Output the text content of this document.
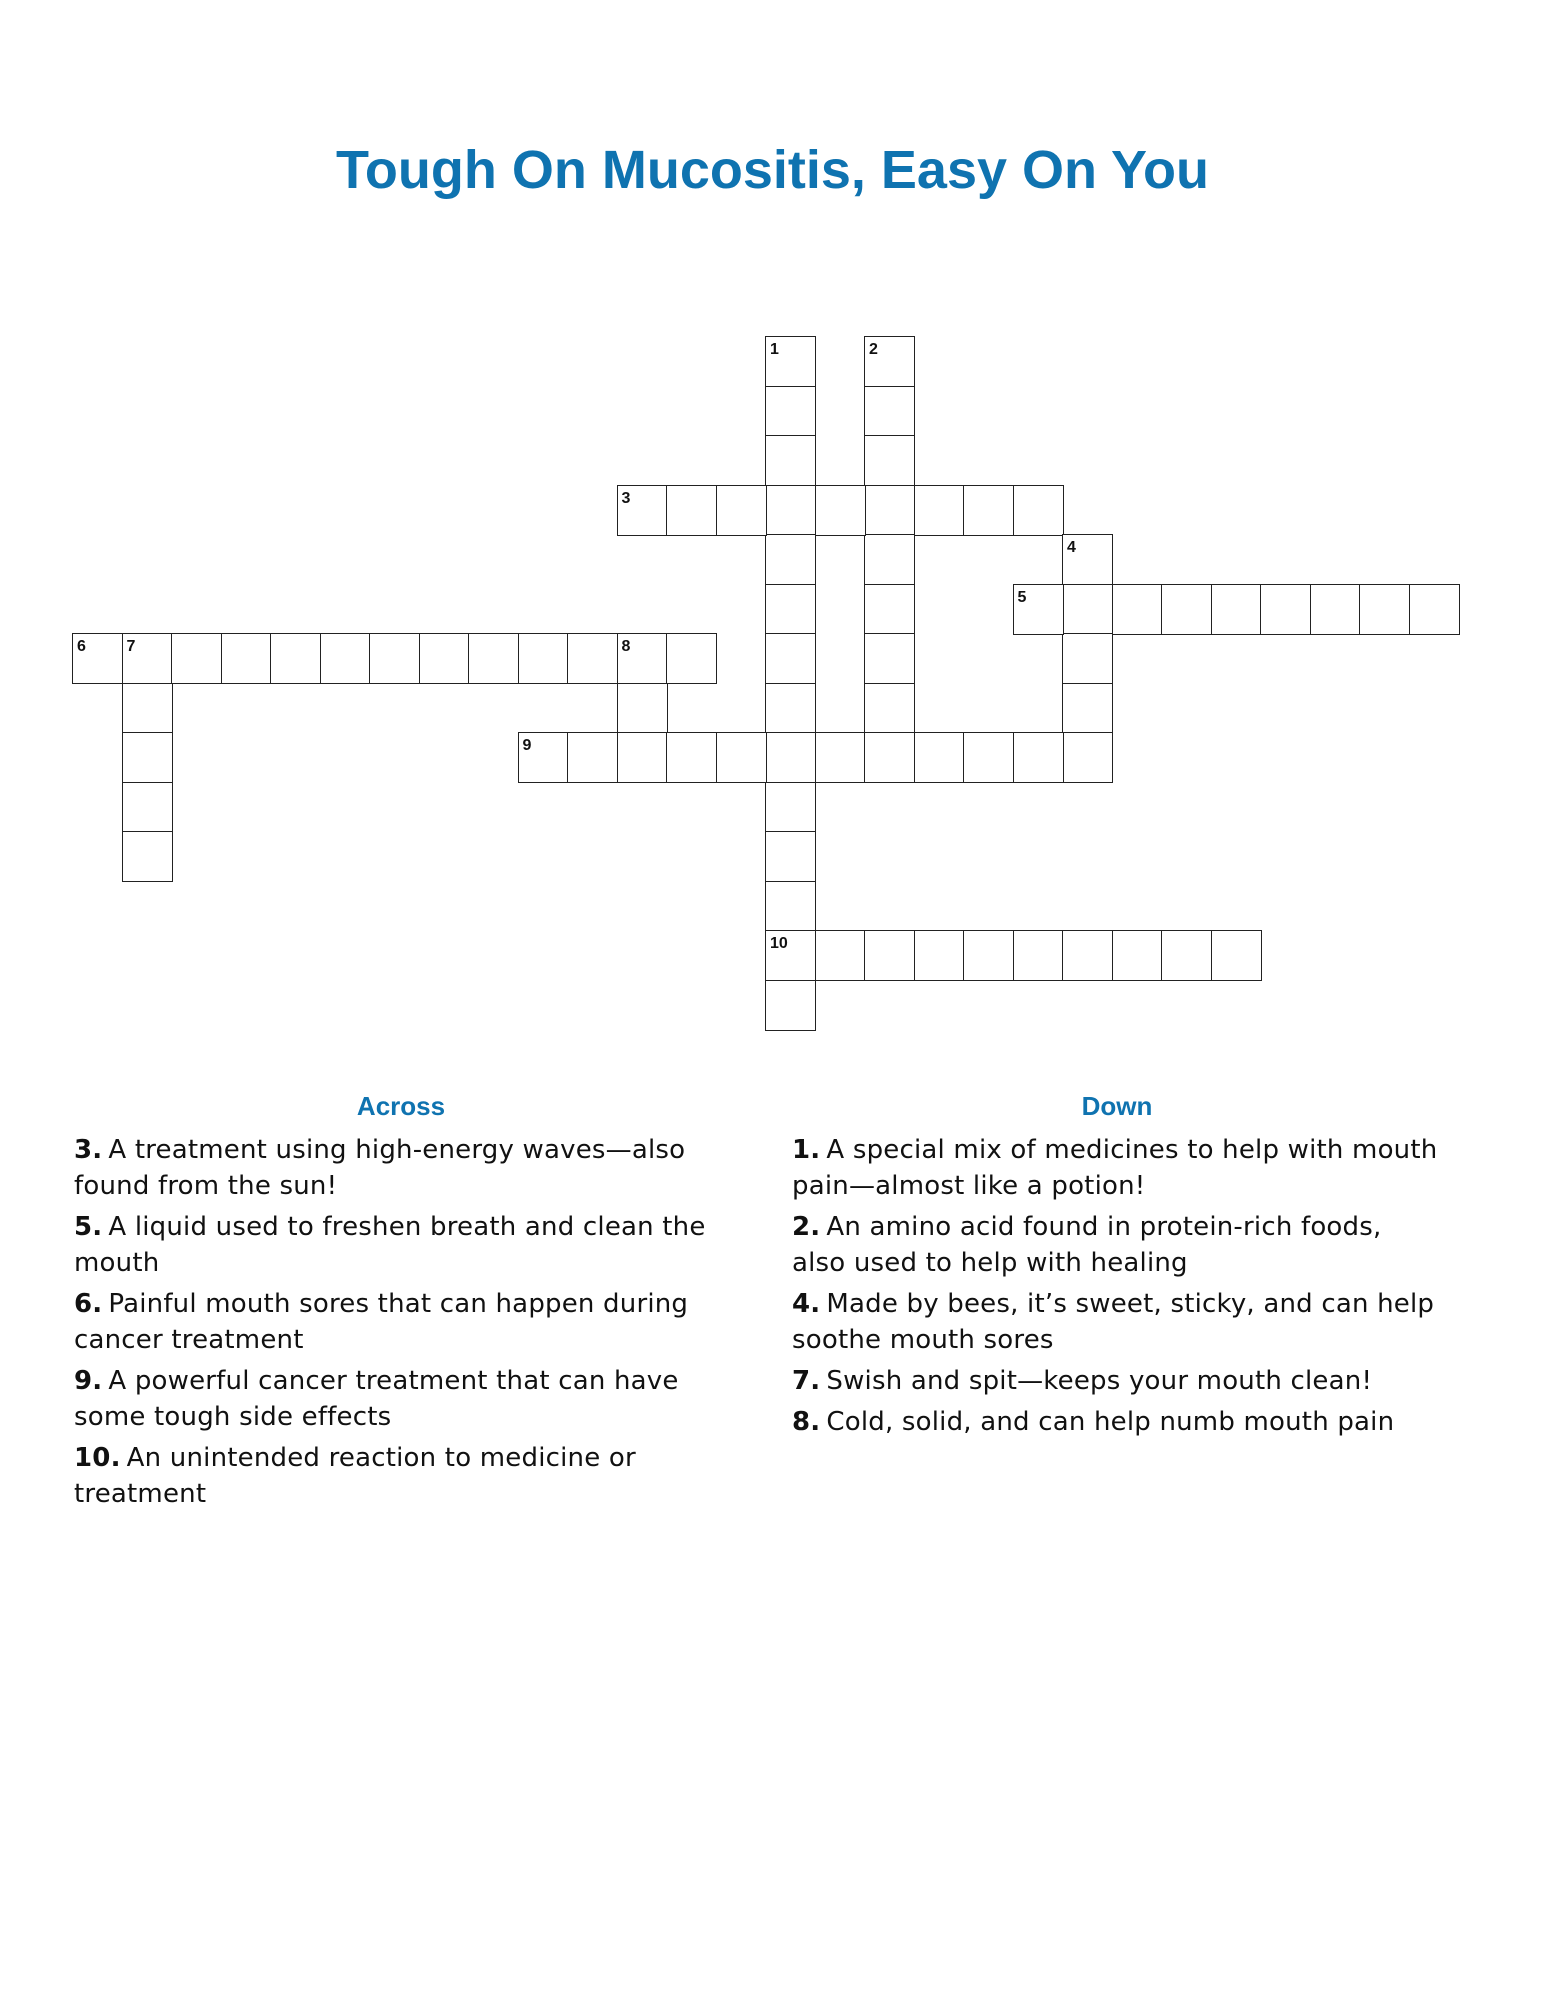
Tough On Mucositis, Easy On You
1
10
2
3
4
5
6	7	8
9
Across
3. A treatment using high-energy waves—also found from the sun!
5. A liquid used to freshen breath and clean the mouth
6. Painful mouth sores that can happen during cancer treatment
9. A powerful cancer treatment that can have some tough side effects
10. An unintended reaction to medicine or treatment
Down
1. A special mix of medicines to help with mouth pain—almost like a potion!
2. An amino acid found in protein-rich foods, also used to help with healing
4. Made by bees, it’s sweet, sticky, and can help soothe mouth sores
7. Swish and spit—keeps your mouth clean!
8. Cold, solid, and can help numb mouth pain
